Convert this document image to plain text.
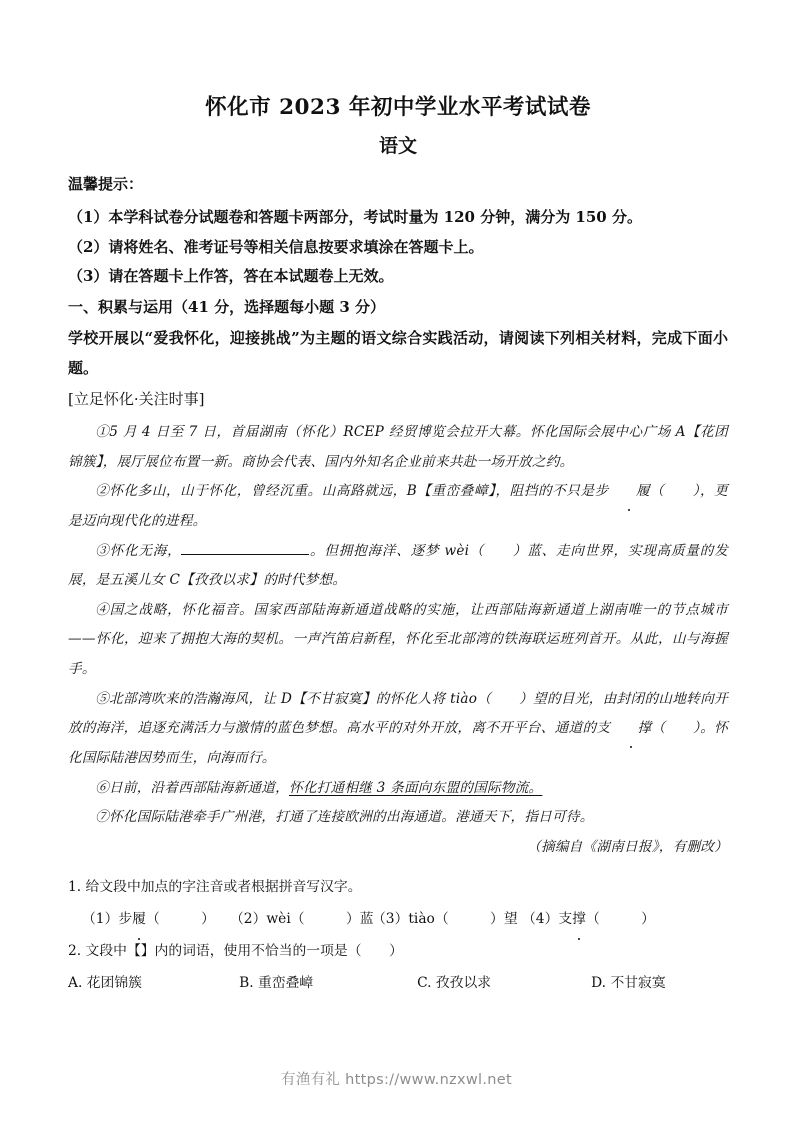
怀化市 2023 年初中学业水平考试试卷
语文

温馨提示：

（1）本学科试卷分试题卷和答题卡两部分，考试时量为 120 分钟，满分为 150 分。

（2）请将姓名、准考证号等相关信息按要求填涂在答题卡上。

（3）请在答题卡上作答，答在本试题卷上无效。

一、积累与运用（41 分，选择题每小题 3 分）

学校开展以“爱我怀化，迎接挑战”为主题的语文综合实践活动，请阅读下列相关材料，完成下面小题。

[立足怀化·关注时事]

①5 月 4 日至 7 日，首届湖南（怀化）RCEP 经贸博览会拉开大幕。怀化国际会展中心广场 A【花团锦簇】，展厅展位布置一新。商协会代表、国内外知名企业前来共赴一场开放之约。

②怀化多山，山于怀化，曾经沉重。山高路就远，B【重峦叠嶂】，阻挡的不只是步 履（　　），更是迈向现代化的进程。

③怀化无海，	。但拥抱海洋、逐梦 wèi（　　）蓝、走向世界，实现高质量的发展，是五溪儿女 C【孜孜以求】的时代梦想。

④国之战略，怀化福音。国家西部陆海新通道战略的实施，让西部陆海新通道上湖南唯一的节点城市——怀化，迎来了拥抱大海的契机。一声汽笛启新程，怀化至北部湾的铁海联运班列首开。从此，山与海握手。

⑤北部湾吹来的浩瀚海风，让 D【不甘寂寞】的怀化人将 tiào（　　）望的目光，由封闭的山地转向开放的海洋，追逐充满活力与激情的蓝色梦想。高水平的对外开放，离不开平台、通道的支 撑（　　）。怀化国际陆港因势而生，向海而行。

⑥日前，沿着西部陆海新通道，怀化打通相继 3 条面向东盟的国际物流。

⑦怀化国际陆港牵手广州港，打通了连接欧洲的出海通道。港通天下，指日可待。

（摘编自《湖南日报》，有删改）

1. 给文段中加点的字注音或者根据拼音写汉字。

（1）步履（　　　）	（2）wèi（　　　）蓝
（3）tiào（　　　）望 （4）支撑（　　　）

2. 文段中【】内的词语，使用不恰当的一项是（　　）

A. 花团锦簇	B. 重峦叠嶂	C. 孜孜以求	D. 不甘寂寞
有渔有礼 https://www.nzxwl.net
